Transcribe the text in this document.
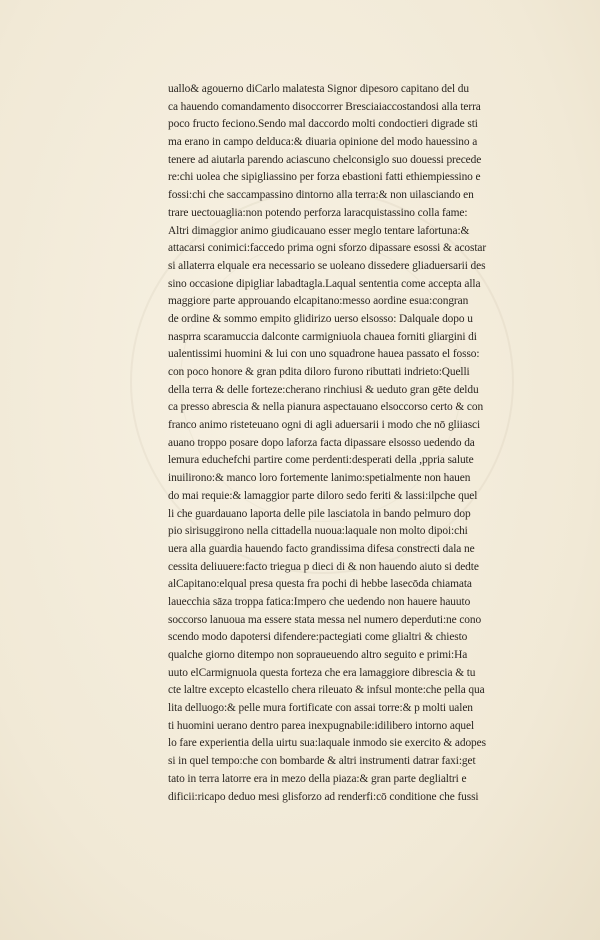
uallo& agouerno diCarlo malatesta Signor dipesoro capitano del du
ca hauendo comandamento disoccorrer Bresciaiaccostandosi alla terra
poco fructo feciono.Sendo mal daccordo molti condoctieri digrade sti
ma erano in campo delduca:& diuaria opinione del modo hauessino a
tenere ad aiutarla parendo aciascuno chelconsiglo suo douessi precede
re:chi uolea che sipigliassino per forza ebastioni fatti ethiempiessino e
fossi:chi che saccampassino dintorno alla terra:& non uilasciando en
trare uectouaglia:non potendo perforza laracquistassino colla fame:
Altri dimaggior animo giudicauano esser meglo tentare lafortuna:&
attacarsi conimici:faccedo prima ogni sforzo dipassare esossi & acostar
si allaterra elquale era necessario se uoleano dissedere gliaduersarii des
sino occasione dipigliar labadtagla.Laqual sententia come accepta alla
maggiore parte approuando elcapitano:messo aordine esua:congran
de ordine & sommo empito glidirizo uerso elsosso: Dalquale dopo u
nasprra scaramuccia dalconte carmigniuola chauea forniti gliargini di
ualentissimi huomini & lui con uno squadrone hauea passato el fosso:
con poco honore & gran pdita diloro furono ributtati indrieto:Quelli
della terra & delle forteze:cherano rinchiusi & ueduto gran gēte deldu
ca presso abrescia & nella pianura aspectauano elsoccorso certo & con
franco animo risteteuano ogni di agli aduersarii i modo che nō gliiasci
auano troppo posare dopo laforza facta dipassare elsosso uedendo da
lemura educhefchi partire come perdenti:desperati della ,ppria salute
inuilirono:& manco loro fortemente lanimo:spetialmente non hauen
do mai requie:& lamaggior parte diloro sedo feriti & lassi:ilpche quel
li che guardauano laporta delle pile lasciatola in bando pelmuro dop
pio sirisuggirono nella cittadella nuoua:laquale non molto dipoi:chi
uera alla guardia hauendo facto grandissima difesa constrecti dala ne
cessita deliuuere:facto triegua p dieci di & non hauendo aiuto si dedte
alCapitano:elqual presa questa fra pochi di hebbe lasecōda chiamata
lauecchia sāza troppa fatica:Impero che uedendo non hauere hauuto
soccorso lanuoua ma essere stata messa nel numero deperduti:ne cono
scendo modo dapotersi difendere:pactegiati come glialtri & chiesto
qualche giorno ditempo non sopraueuendo altro seguito e primi:Ha
uuto elCarmignuola questa forteza che era lamaggiore dibrescia & tu
cte laltre excepto elcastello chera rileuato & infsul monte:che pella qua
lita delluogo:& pelle mura fortificate con assai torre:& p molti ualen
ti huomini uerano dentro parea inexpugnabile:idilibero intorno aquel
lo fare experientia della uirtu sua:laquale inmodo sie exercito & adopes
si in quel tempo:che con bombarde & altri instrumenti datrar faxi:get
tato in terra latorre era in mezo della piaza:& gran parte deglialtri e
dificii:ricapo deduo mesi glisforzo ad renderfi:cō conditione che fussi
